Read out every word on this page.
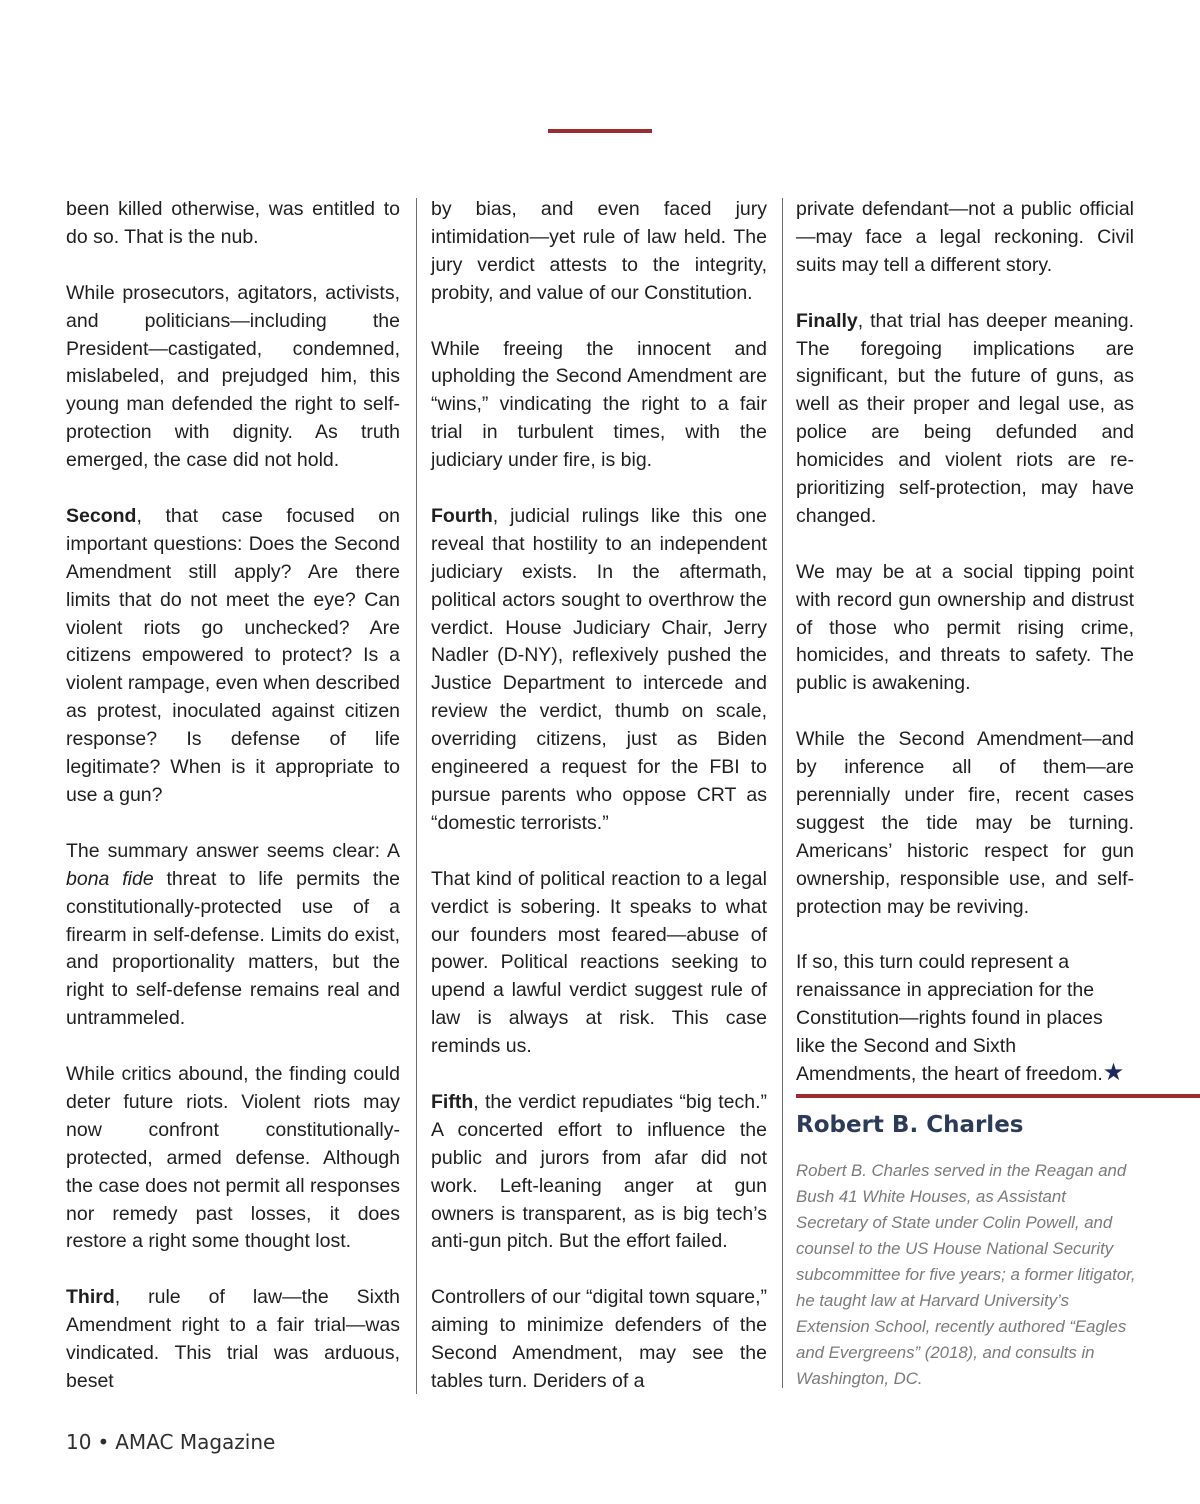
been killed otherwise, was entitled to do so. That is the nub.

While prosecutors, agitators, activists, and politicians—including the President—castigated, condemned, mislabeled, and prejudged him, this young man defended the right to self-protection with dignity. As truth emerged, the case did not hold.

Second, that case focused on important questions: Does the Second Amendment still apply? Are there limits that do not meet the eye? Can violent riots go unchecked? Are citizens empowered to protect? Is a violent rampage, even when described as protest, inoculated against citizen response? Is defense of life legitimate? When is it appropriate to use a gun?

The summary answer seems clear: A bona fide threat to life permits the constitutionally-protected use of a firearm in self-defense. Limits do exist, and proportionality matters, but the right to self-defense remains real and untrammeled.

While critics abound, the finding could deter future riots. Violent riots may now confront constitutionally-protected, armed defense. Although the case does not permit all responses nor remedy past losses, it does restore a right some thought lost.

Third, rule of law—the Sixth Amendment right to a fair trial—was vindicated. This trial was arduous, beset

by bias, and even faced jury intimidation—yet rule of law held. The jury verdict attests to the integrity, probity, and value of our Constitution.

While freeing the innocent and upholding the Second Amendment are “wins,” vindicating the right to a fair trial in turbulent times, with the judiciary under fire, is big.

Fourth, judicial rulings like this one reveal that hostility to an independent judiciary exists. In the aftermath, political actors sought to overthrow the verdict. House Judiciary Chair, Jerry Nadler (D-NY), reflexively pushed the Justice Department to intercede and review the verdict, thumb on scale, overriding citizens, just as Biden engineered a request for the FBI to pursue parents who oppose CRT as “domestic terrorists.”

That kind of political reaction to a legal verdict is sobering. It speaks to what our founders most feared—abuse of power. Political reactions seeking to upend a lawful verdict suggest rule of law is always at risk. This case reminds us.

Fifth, the verdict repudiates “big tech.” A concerted effort to influence the public and jurors from afar did not work. Left-leaning anger at gun owners is transparent, as is big tech’s anti-gun pitch. But the effort failed.

Controllers of our “digital town square,” aiming to minimize defenders of the Second Amendment, may see the tables turn. Deriders of a

private defendant—not a public official—may face a legal reckoning. Civil suits may tell a different story.

Finally, that trial has deeper meaning. The foregoing implications are significant, but the future of guns, as well as their proper and legal use, as police are being defunded and homicides and violent riots are re-prioritizing self-protection, may have changed.

We may be at a social tipping point with record gun ownership and distrust of those who permit rising crime, homicides, and threats to safety. The public is awakening.

While the Second Amendment—and by inference all of them—are perennially under fire, recent cases suggest the tide may be turning. Americans’ historic respect for gun ownership, responsible use, and self-protection may be reviving.

If so, this turn could represent a renaissance in appreciation for the Constitution—rights found in places like the Second and Sixth Amendments, the heart of freedom.★

Robert B. Charles
Robert B. Charles served in the Reagan and Bush 41 White Houses, as Assistant Secretary of State under Colin Powell, and counsel to the US House National Security subcommittee for five years; a former litigator, he taught law at Harvard University’s Extension School, recently authored “Eagles and Evergreens” (2018), and consults in Washington, DC.
10 • AMAC Magazine
